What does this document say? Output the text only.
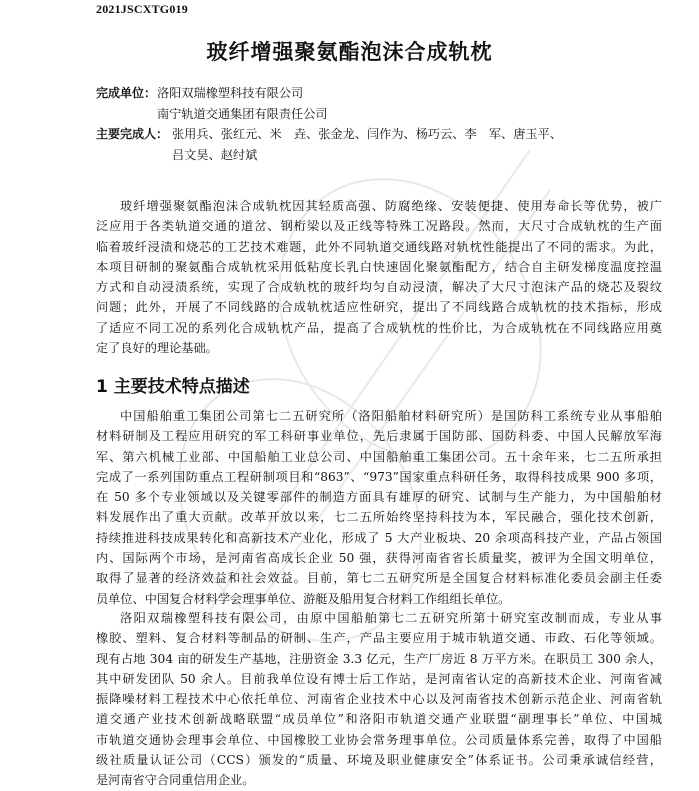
2021JSCXTG019
玻纤增强聚氨酯泡沫合成轨枕
完成单位： 洛阳双瑞橡塑科技有限公司
南宁轨道交通集团有限责任公司
主要完成人： 张用兵、张红元、米　垚、张金龙、闫作为、杨巧云、李　军、唐玉平、
吕文昊、赵纣斌
玻纤增强聚氨酯泡沫合成轨枕因其轻质高强、防腐绝缘、安装便捷、使用寿命长等优势，被广
泛应用于各类轨道交通的道岔、钢桁梁以及正线等特殊工况路段。然而，大尺寸合成轨枕的生产面
临着玻纤浸渍和烧芯的工艺技术难题，此外不同轨道交通线路对轨枕性能提出了不同的需求。为此，
本项目研制的聚氨酯合成轨枕采用低粘度长乳白快速固化聚氨酯配方，结合自主研发梯度温度控温
方式和自动浸渍系统，实现了合成轨枕的玻纤均匀自动浸渍，解决了大尺寸泡沫产品的烧芯及裂纹
问题；此外，开展了不同线路的合成轨枕适应性研究，提出了不同线路合成轨枕的技术指标，形成
了适应不同工况的系列化合成轨枕产品，提高了合成轨枕的性价比，为合成轨枕在不同线路应用奠
定了良好的理论基础。
1 主要技术特点描述
中国船舶重工集团公司第七二五研究所（洛阳船舶材料研究所）是国防科工系统专业从事船舶
材料研制及工程应用研究的军工科研事业单位，先后隶属于国防部、国防科委、中国人民解放军海
军、第六机械工业部、中国船舶工业总公司、中国船舶重工集团公司。五十余年来，七二五所承担
完成了一系列国防重点工程研制项目和“863”、“973”国家重点科研任务，取得科技成果 900 多项，
在 50 多个专业领域以及关键零部件的制造方面具有雄厚的研究、试制与生产能力，为中国船舶材
料发展作出了重大贡献。改革开放以来，七二五所始终坚持科技为本，军民融合，强化技术创新，
持续推进科技成果转化和高新技术产业化，形成了 5 大产业板块、20 余项高科技产业，产品占领国
内、国际两个市场，是河南省高成长企业 50 强，获得河南省省长质量奖，被评为全国文明单位，
取得了显著的经济效益和社会效益。目前，第七二五研究所是全国复合材料标准化委员会副主任委
员单位、中国复合材料学会理事单位、游艇及船用复合材料工作组组长单位。
洛阳双瑞橡塑科技有限公司，由原中国船舶第七二五研究所第十研究室改制而成，专业从事
橡胶、塑料、复合材料等制品的研制、生产，产品主要应用于城市轨道交通、市政、石化等领域。
现有占地 304 亩的研发生产基地，注册资金 3.3 亿元，生产厂房近 8 万平方米。在职员工 300 余人，
其中研发团队 50 余人。目前我单位设有博士后工作站，是河南省认定的高新技术企业、河南省减
振降噪材料工程技术中心依托单位、河南省企业技术中心以及河南省技术创新示范企业、河南省轨
道交通产业技术创新战略联盟“成员单位”和洛阳市轨道交通产业联盟“副理事长”单位、中国城
市轨道交通协会理事会单位、中国橡胶工业协会常务理事单位。公司质量体系完善，取得了中国船
级社质量认证公司（CCS）颁发的“质量、环境及职业健康安全”体系证书。公司秉承诚信经营，
是河南省守合同重信用企业。
